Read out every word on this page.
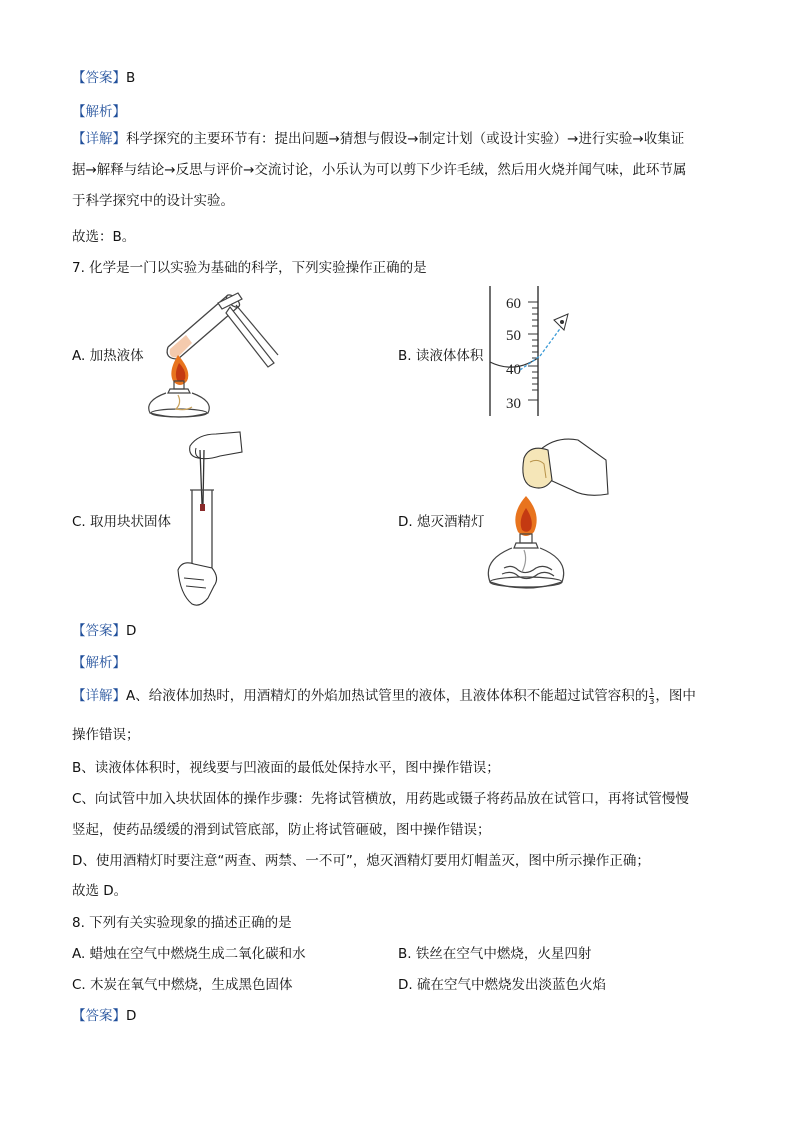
【答案】B
【解析】
【详解】科学探究的主要环节有：提出问题→猜想与假设→制定计划（或设计实验）→进行实验→收集证
据→解释与结论→反思与评价→交流讨论，小乐认为可以剪下少许毛绒，然后用火烧并闻气味，此环节属
于科学探究中的设计实验。
故选：B。
7. 化学是一门以实验为基础的科学，下列实验操作正确的是
A. 加热液体	B. 读液体体积
C. 取用块状固体	D. 熄灭酒精灯
60
50
40
30
【答案】D
【解析】
【详解】A、给液体加热时，用酒精灯的外焰加热试管里的液体，且液体体积不能超过试管容积的 $\frac{1}{3}$ ，图中
操作错误；
B、读液体体积时，视线要与凹液面的最低处保持水平，图中操作错误；
C、向试管中加入块状固体的操作步骤：先将试管横放，用药匙或镊子将药品放在试管口，再将试管慢慢
竖起，使药品缓缓的滑到试管底部，防止将试管砸破，图中操作错误；
D、使用酒精灯时要注意“两查、两禁、一不可”，熄灭酒精灯要用灯帽盖灭，图中所示操作正确；
故选 D。
8. 下列有关实验现象的描述正确的是
A. 蜡烛在空气中燃烧生成二氧化碳和水	B. 铁丝在空气中燃烧，火星四射
C. 木炭在氧气中燃烧，生成黑色固体	D. 硫在空气中燃烧发出淡蓝色火焰
【答案】D
